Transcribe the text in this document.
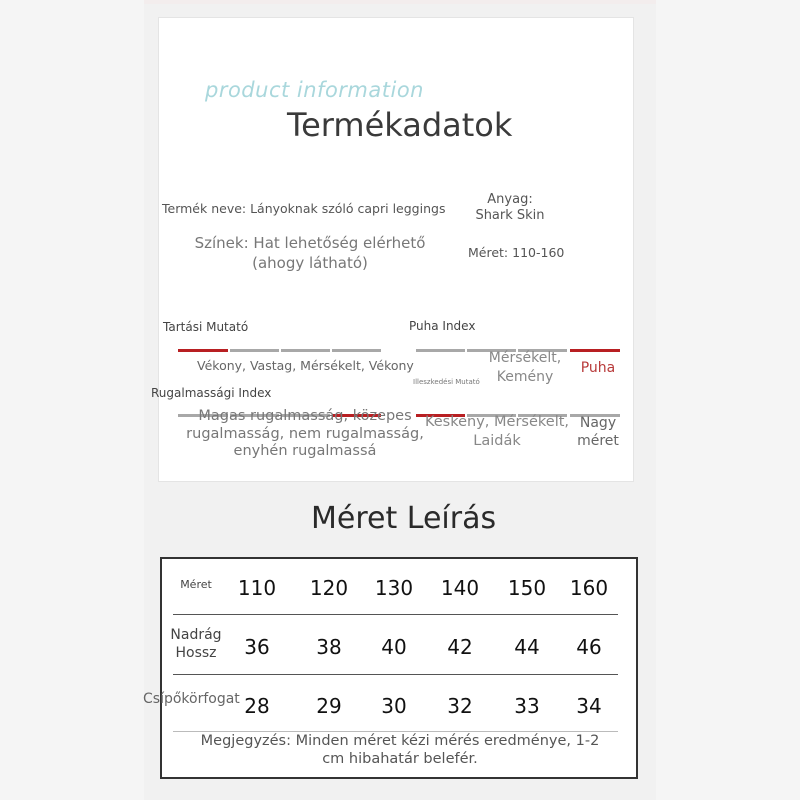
product information
Termékadatok
Termék neve: Lányoknak szóló capri leggings
Anyag:
Shark Skin
Színek: Hat lehetőség elérhető
(ahogy látható)
Méret: 110-160
Tartási Mutató
Vékony, Vastag, Mérsékelt, Vékony
Puha Index
Mérsékelt,
Kemény
Puha
Rugalmassági Index
Magas rugalmasság, közepes
rugalmasság, nem rugalmasság,
enyhén rugalmassá
Illeszkedési Mutató
Keskeny, Mérsékelt,
Laidák
Nagy
méret
Méret Leírás
Méret	110	120	130	140	150	160
Nadrág
Hossz	36	38	40	42	44	46
Csípőkörfogat 28	29	30	32	33	34
Megjegyzés: Minden méret kézi mérés eredménye, 1-2
cm hibahatár belefér.
